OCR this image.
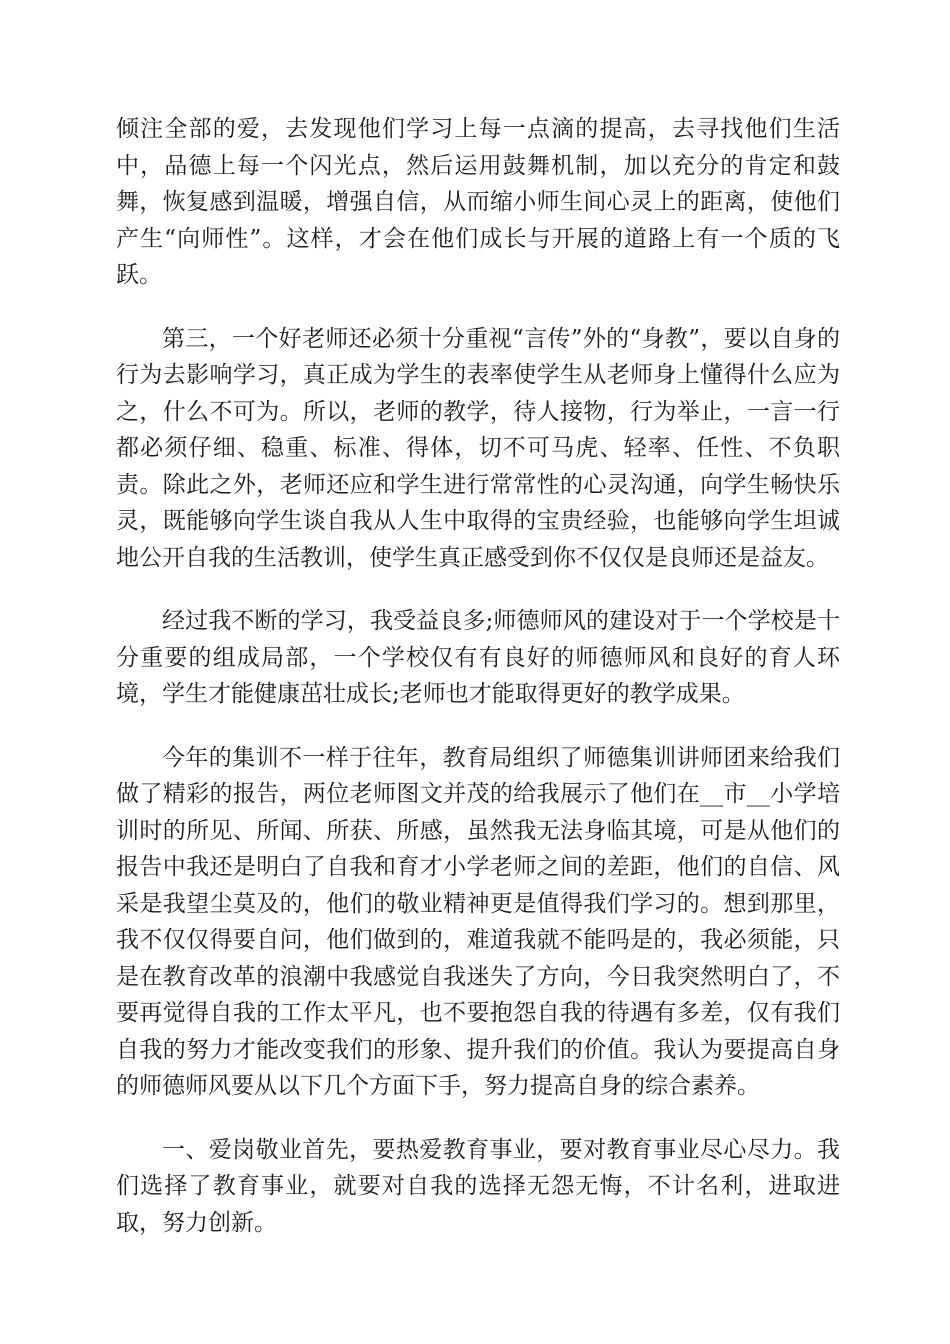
倾注全部的爱，去发现他们学习上每一点滴的提高，去寻找他们生活中，品德上每一个闪光点，然后运用鼓舞机制，加以充分的肯定和鼓舞，恢复感到温暖，增强自信，从而缩小师生间心灵上的距离，使他们产生“向师性”。这样，才会在他们成长与开展的道路上有一个质的飞跃。

第三，一个好老师还必须十分重视“言传”外的“身教”，要以自身的行为去影响学习，真正成为学生的表率使学生从老师身上懂得什么应为之，什么不可为。所以，老师的教学，待人接物，行为举止，一言一行都必须仔细、稳重、标准、得体，切不可马虎、轻率、任性、不负职责。除此之外，老师还应和学生进行常常性的心灵沟通，向学生畅快乐灵，既能够向学生谈自我从人生中取得的宝贵经验，也能够向学生坦诚地公开自我的生活教训，使学生真正感受到你不仅仅是良师还是益友。

经过我不断的学习，我受益良多;师德师风的建设对于一个学校是十分重要的组成局部，一个学校仅有有良好的师德师风和良好的育人环境，学生才能健康茁壮成长;老师也才能取得更好的教学成果。

今年的集训不一样于往年，教育局组织了师德集训讲师团来给我们做了精彩的报告，两位老师图文并茂的给我展示了他们在__市__小学培训时的所见、所闻、所获、所感，虽然我无法身临其境，可是从他们的报告中我还是明白了自我和育才小学老师之间的差距，他们的自信、风采是我望尘莫及的，他们的敬业精神更是值得我们学习的。想到那里，我不仅仅得要自问，他们做到的，难道我就不能吗是的，我必须能，只是在教育改革的浪潮中我感觉自我迷失了方向，今日我突然明白了，不要再觉得自我的工作太平凡，也不要抱怨自我的待遇有多差，仅有我们自我的努力才能改变我们的形象、提升我们的价值。我认为要提高自身的师德师风要从以下几个方面下手，努力提高自身的综合素养。

一、爱岗敬业首先，要热爱教育事业，要对教育事业尽心尽力。我们选择了教育事业，就要对自我的选择无怨无悔，不计名利，进取进取，努力创新。
